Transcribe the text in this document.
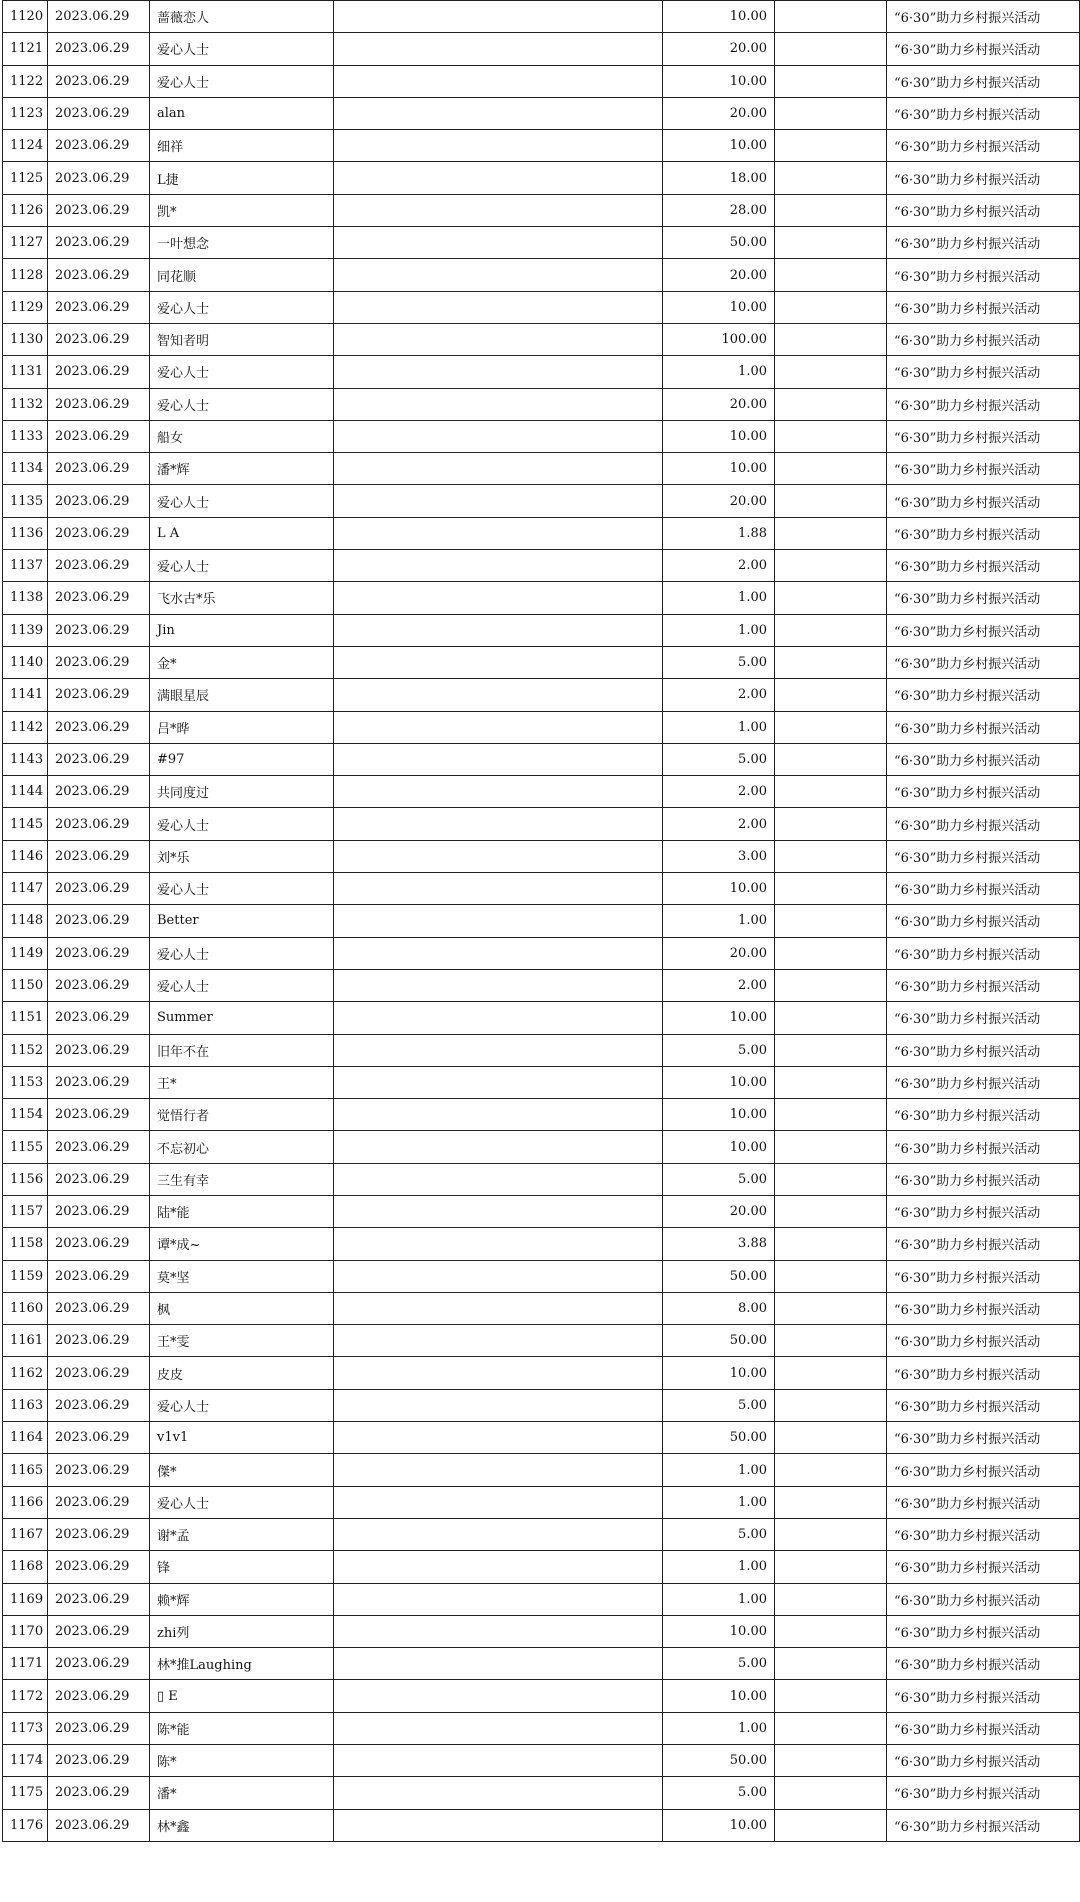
1120	2023.06.29	蔷薇恋人		10.00		“6·30”助力乡村振兴活动
1121	2023.06.29	爱心人士		20.00		“6·30”助力乡村振兴活动
1122	2023.06.29	爱心人士		10.00		“6·30”助力乡村振兴活动
1123	2023.06.29	alan		20.00		“6·30”助力乡村振兴活动
1124	2023.06.29	细祥		10.00		“6·30”助力乡村振兴活动
1125	2023.06.29	L捷		18.00		“6·30”助力乡村振兴活动
1126	2023.06.29	凯*		28.00		“6·30”助力乡村振兴活动
1127	2023.06.29	一叶想念		50.00		“6·30”助力乡村振兴活动
1128	2023.06.29	同花顺		20.00		“6·30”助力乡村振兴活动
1129	2023.06.29	爱心人士		10.00		“6·30”助力乡村振兴活动
1130	2023.06.29	智知者明		100.00		“6·30”助力乡村振兴活动
1131	2023.06.29	爱心人士		1.00		“6·30”助力乡村振兴活动
1132	2023.06.29	爱心人士		20.00		“6·30”助力乡村振兴活动
1133	2023.06.29	船女		10.00		“6·30”助力乡村振兴活动
1134	2023.06.29	潘*辉		10.00		“6·30”助力乡村振兴活动
1135	2023.06.29	爱心人士		20.00		“6·30”助力乡村振兴活动
1136	2023.06.29	L A		1.88		“6·30”助力乡村振兴活动
1137	2023.06.29	爱心人士		2.00		“6·30”助力乡村振兴活动
1138	2023.06.29	飞水古*乐		1.00		“6·30”助力乡村振兴活动
1139	2023.06.29	Jin		1.00		“6·30”助力乡村振兴活动
1140	2023.06.29	金*		5.00		“6·30”助力乡村振兴活动
1141	2023.06.29	满眼星辰		2.00		“6·30”助力乡村振兴活动
1142	2023.06.29	吕*晔		1.00		“6·30”助力乡村振兴活动
1143	2023.06.29	#97		5.00		“6·30”助力乡村振兴活动
1144	2023.06.29	共同度过		2.00		“6·30”助力乡村振兴活动
1145	2023.06.29	爱心人士		2.00		“6·30”助力乡村振兴活动
1146	2023.06.29	刘*乐		3.00		“6·30”助力乡村振兴活动
1147	2023.06.29	爱心人士		10.00		“6·30”助力乡村振兴活动
1148	2023.06.29	Better		1.00		“6·30”助力乡村振兴活动
1149	2023.06.29	爱心人士		20.00		“6·30”助力乡村振兴活动
1150	2023.06.29	爱心人士		2.00		“6·30”助力乡村振兴活动
1151	2023.06.29	Summer		10.00		“6·30”助力乡村振兴活动
1152	2023.06.29	旧年不在		5.00		“6·30”助力乡村振兴活动
1153	2023.06.29	王*		10.00		“6·30”助力乡村振兴活动
1154	2023.06.29	觉悟行者		10.00		“6·30”助力乡村振兴活动
1155	2023.06.29	不忘初心		10.00		“6·30”助力乡村振兴活动
1156	2023.06.29	三生有幸		5.00		“6·30”助力乡村振兴活动
1157	2023.06.29	陆*能		20.00		“6·30”助力乡村振兴活动
1158	2023.06.29	谭*成~		3.88		“6·30”助力乡村振兴活动
1159	2023.06.29	莫*坚		50.00		“6·30”助力乡村振兴活动
1160	2023.06.29	枫		8.00		“6·30”助力乡村振兴活动
1161	2023.06.29	王*雯		50.00		“6·30”助力乡村振兴活动
1162	2023.06.29	皮皮		10.00		“6·30”助力乡村振兴活动
1163	2023.06.29	爱心人士		5.00		“6·30”助力乡村振兴活动
1164	2023.06.29	v1v1		50.00		“6·30”助力乡村振兴活动
1165	2023.06.29	傑*		1.00		“6·30”助力乡村振兴活动
1166	2023.06.29	爱心人士		1.00		“6·30”助力乡村振兴活动
1167	2023.06.29	谢*孟		5.00		“6·30”助力乡村振兴活动
1168	2023.06.29	锋		1.00		“6·30”助力乡村振兴活动
1169	2023.06.29	赖*辉		1.00		“6·30”助力乡村振兴活动
1170	2023.06.29	zhi列		10.00		“6·30”助力乡村振兴活动
1171	2023.06.29	林*推Laughing		5.00		“6·30”助力乡村振兴活动
1172	2023.06.29	▯ E		10.00		“6·30”助力乡村振兴活动
1173	2023.06.29	陈*能		1.00		“6·30”助力乡村振兴活动
1174	2023.06.29	陈*		50.00		“6·30”助力乡村振兴活动
1175	2023.06.29	潘*		5.00		“6·30”助力乡村振兴活动
1176	2023.06.29	林*鑫		10.00		“6·30”助力乡村振兴活动
